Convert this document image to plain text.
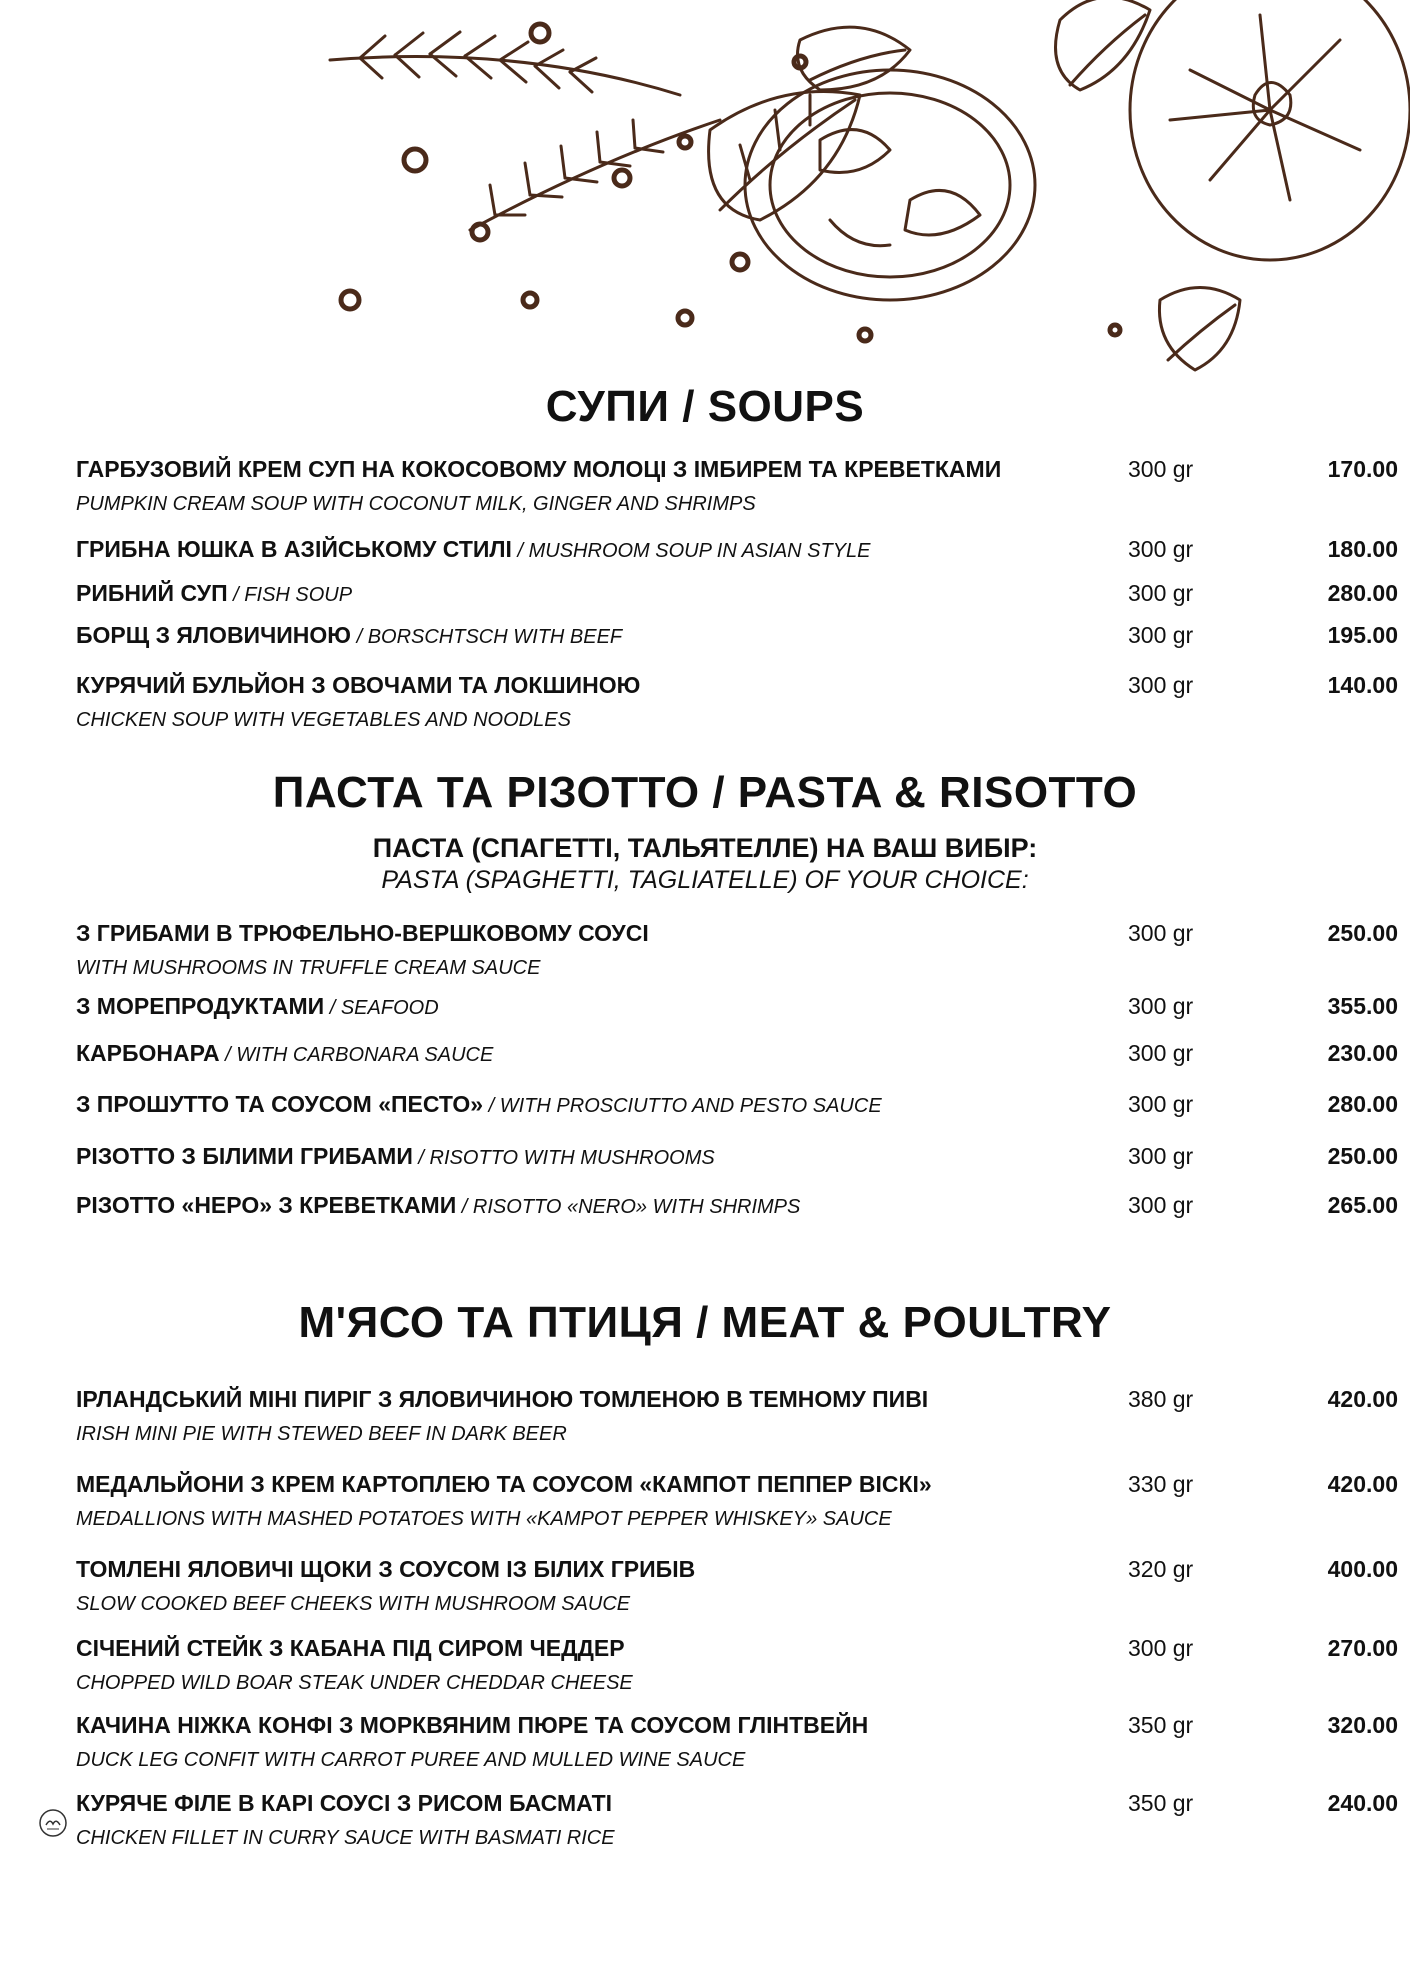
СУПИ / SOUPS
ГАРБУЗОВИЙ КРЕМ СУП НА КОКОСОВОМУ МОЛОЦІ З ІМБИРЕМ ТА КРЕВЕТКАМИ
PUMPKIN CREAM SOUP WITH COCONUT MILK, GINGER AND SHRIMPS
300 gr	170.00
ГРИБНА ЮШКА В АЗІЙСЬКОМУ СТИЛІ / MUSHROOM SOUP IN ASIAN STYLE	300 gr	180.00
РИБНИЙ СУП / FISH SOUP	300 gr	280.00
БОРЩ З ЯЛОВИЧИНОЮ / BORSCHTSCH WITH BEEF	300 gr	195.00
КУРЯЧИЙ БУЛЬЙОН З ОВОЧАМИ ТА ЛОКШИНОЮ
CHICKEN SOUP WITH VEGETABLES AND NOODLES
300 gr	140.00
ПАСТА ТА РІЗОТТО / PASTA & RISOTTO
ПАСТА (СПАГЕТТІ, ТАЛЬЯТЕЛЛЕ) НА ВАШ ВИБІР:
PASTA (SPAGHETTI, TAGLIATELLE) OF YOUR CHOICE:
З ГРИБАМИ В ТРЮФЕЛЬНО-ВЕРШКОВОМУ СОУСІ
WITH MUSHROOMS IN TRUFFLE CREAM SAUCE
300 gr	250.00
З МОРЕПРОДУКТАМИ / SEAFOOD	300 gr	355.00
КАРБОНАРА / WITH CARBONARA SAUCE	300 gr	230.00
З ПРОШУТТО ТА СОУСОМ «ПЕСТО» / WITH PROSCIUTTO AND PESTO SAUCE	300 gr	280.00
РІЗОТТО З БІЛИМИ ГРИБАМИ / RISOTTO WITH MUSHROOMS	300 gr	250.00
РІЗОТТО «НЕРО» З КРЕВЕТКАМИ / RISOTTO «NERO» WITH SHRIMPS	300 gr	265.00
М'ЯСО ТА ПТИЦЯ / MEAT & POULTRY
ІРЛАНДСЬКИЙ МІНІ ПИРІГ З ЯЛОВИЧИНОЮ ТОМЛЕНОЮ В ТЕМНОМУ ПИВІ
IRISH MINI PIE WITH STEWED BEEF IN DARK BEER
380 gr	420.00
МЕДАЛЬЙОНИ З КРЕМ КАРТОПЛЕЮ ТА СОУСОМ «КАМПОТ ПЕППЕР ВІСКІ»
MEDALLIONS WITH MASHED POTATOES WITH «KAMPOT PEPPER WHISKEY» SAUCE
330 gr	420.00
ТОМЛЕНІ ЯЛОВИЧІ ЩОКИ З СОУСОМ ІЗ БІЛИХ ГРИБІВ
SLOW COOKED BEEF CHEEKS WITH MUSHROOM SAUCE
320 gr	400.00
СІЧЕНИЙ СТЕЙК З КАБАНА ПІД СИРОМ ЧЕДДЕР
CHOPPED WILD BOAR STEAK UNDER CHEDDAR CHEESE
300 gr	270.00
КАЧИНА НІЖКА КОНФІ З МОРКВЯНИМ ПЮРЕ ТА СОУСОМ ГЛІНТВЕЙН
DUCK LEG CONFIT WITH CARROT PUREE AND MULLED WINE SAUCE
350 gr	320.00
КУРЯЧЕ ФІЛЕ В КАРІ СОУСІ З РИСОМ БАСМАТІ
CHICKEN FILLET IN CURRY SAUCE WITH BASMATI RICE
350 gr	240.00
